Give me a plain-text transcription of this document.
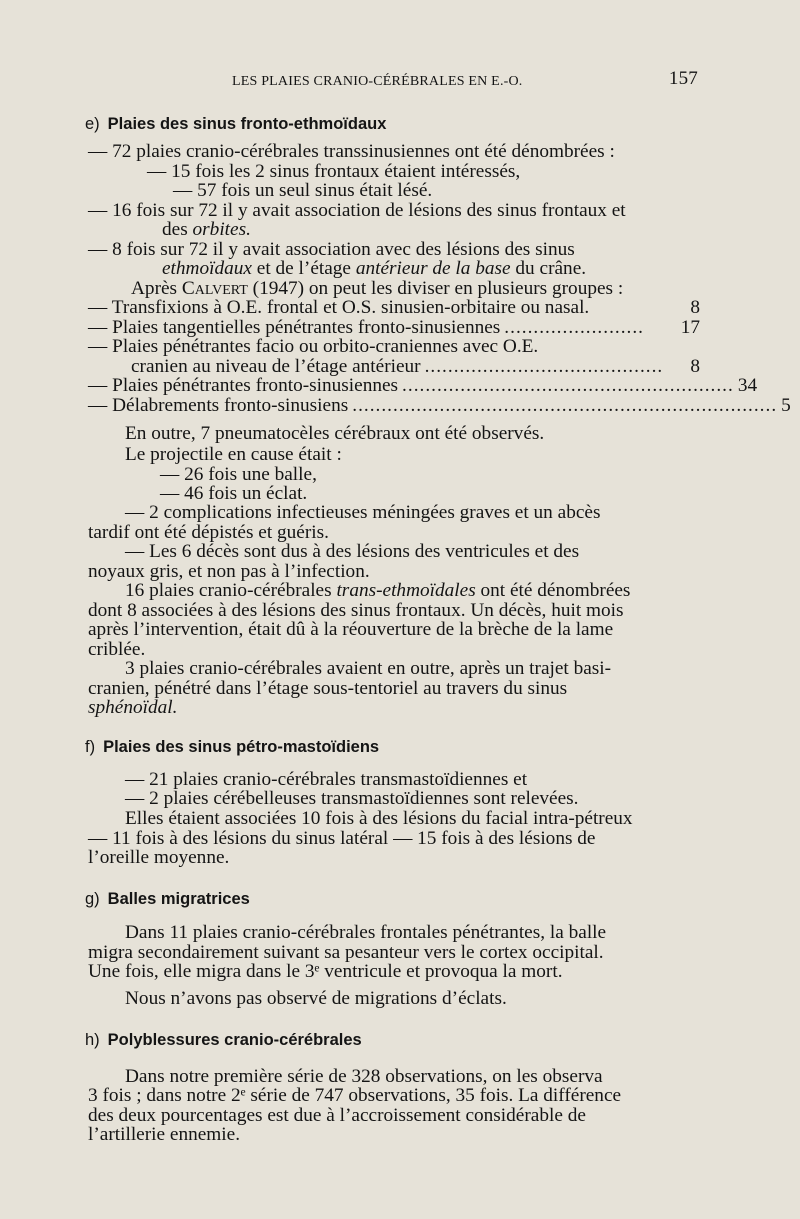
LES PLAIES CRANIO-CÉRÉBRALES EN E.-O.	157
e) Plaies des sinus fronto-ethmoïdaux
— 72 plaies cranio-cérébrales transsinusiennes ont été dénombrées :
— 15 fois les 2 sinus frontaux étaient intéressés,
— 57 fois un seul sinus était lésé.
— 16 fois sur 72 il y avait association de lésions des sinus frontaux et
des orbites.
— 8 fois sur 72 il y avait association avec des lésions des sinus
ethmoïdaux et de l’étage antérieur de la base du crâne.
Après Calvert (1947) on peut les diviser en plusieurs groupes :
— Transfixions à O.E. frontal et O.S. sinusien-orbitaire ou nasal.	8
— Plaies tangentielles pénétrantes fronto-sinusiennes ........................	17
— Plaies pénétrantes facio ou orbito-craniennes avec O.E.
cranien au niveau de l’étage antérieur .........................................	8
— Plaies pénétrantes fronto-sinusiennes ......................................................... 34
— Délabrements fronto-sinusiens ......................................................................... 5
En outre, 7 pneumatocèles cérébraux ont été observés.
Le projectile en cause était :
— 26 fois une balle,
— 46 fois un éclat.
— 2 complications infectieuses méningées graves et un abcès
tardif ont été dépistés et guéris.
— Les 6 décès sont dus à des lésions des ventricules et des
noyaux gris, et non pas à l’infection.
16 plaies cranio-cérébrales trans-ethmoïdales ont été dénombrées
dont 8 associées à des lésions des sinus frontaux. Un décès, huit mois
après l’intervention, était dû à la réouverture de la brèche de la lame
criblée.
3 plaies cranio-cérébrales avaient en outre, après un trajet basi-
cranien, pénétré dans l’étage sous-tentoriel au travers du sinus
sphénoïdal.
f) Plaies des sinus pétro-mastoïdiens
— 21 plaies cranio-cérébrales transmastoïdiennes et
— 2 plaies cérébelleuses transmastoïdiennes sont relevées.
Elles étaient associées 10 fois à des lésions du facial intra-pétreux
— 11 fois à des lésions du sinus latéral — 15 fois à des lésions de
l’oreille moyenne.
g) Balles migratrices
Dans 11 plaies cranio-cérébrales frontales pénétrantes, la balle
migra secondairement suivant sa pesanteur vers le cortex occipital.
Une fois, elle migra dans le 3ᵉ ventricule et provoqua la mort.
Nous n’avons pas observé de migrations d’éclats.
h) Polyblessures cranio-cérébrales
Dans notre première série de 328 observations, on les observa
3 fois ; dans notre 2ᵉ série de 747 observations, 35 fois. La différence
des deux pourcentages est due à l’accroissement considérable de
l’artillerie ennemie.
